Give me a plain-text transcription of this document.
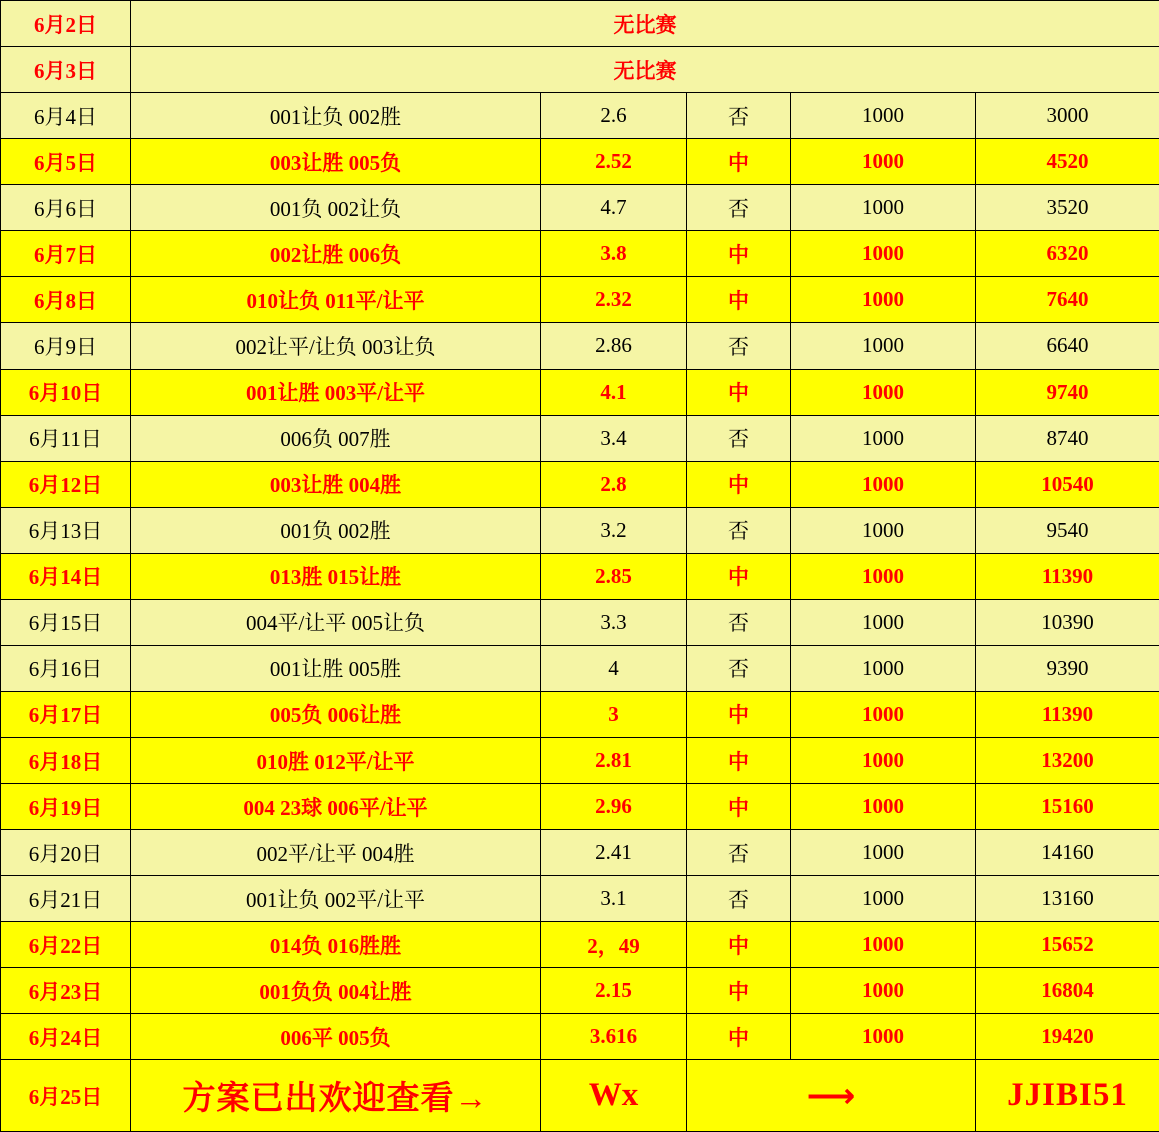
6月2日	无比赛				
6月3日	无比赛				
6月4日	001让负 002胜	2.6	否	1000	3000
6月5日	003让胜 005负	2.52	中	1000	4520
6月6日	001负 002让负	4.7	否	1000	3520
6月7日	002让胜 006负	3.8	中	1000	6320
6月8日	010让负 011平/让平	2.32	中	1000	7640
6月9日	002让平/让负 003让负	2.86	否	1000	6640
6月10日	001让胜 003平/让平	4.1	中	1000	9740
6月11日	006负 007胜	3.4	否	1000	8740
6月12日	003让胜 004胜	2.8	中	1000	10540
6月13日	001负 002胜	3.2	否	1000	9540
6月14日	013胜 015让胜	2.85	中	1000	11390
6月15日	004平/让平 005让负	3.3	否	1000	10390
6月16日	001让胜 005胜	4	否	1000	9390
6月17日	005负 006让胜	3	中	1000	11390
6月18日	010胜 012平/让平	2.81	中	1000	13200
6月19日	004 23球 006平/让平	2.96	中	1000	15160
6月20日	002平/让平 004胜	2.41	否	1000	14160
6月21日	001让负 002平/让平	3.1	否	1000	13160
6月22日	014负 016胜胜	2，49	中	1000	15652
6月23日	001负负 004让胜	2.15	中	1000	16804
6月24日	006平 005负	3.616	中	1000	19420
6月25日	方案已出欢迎查看→	Wx	⟶		JJIBI51
